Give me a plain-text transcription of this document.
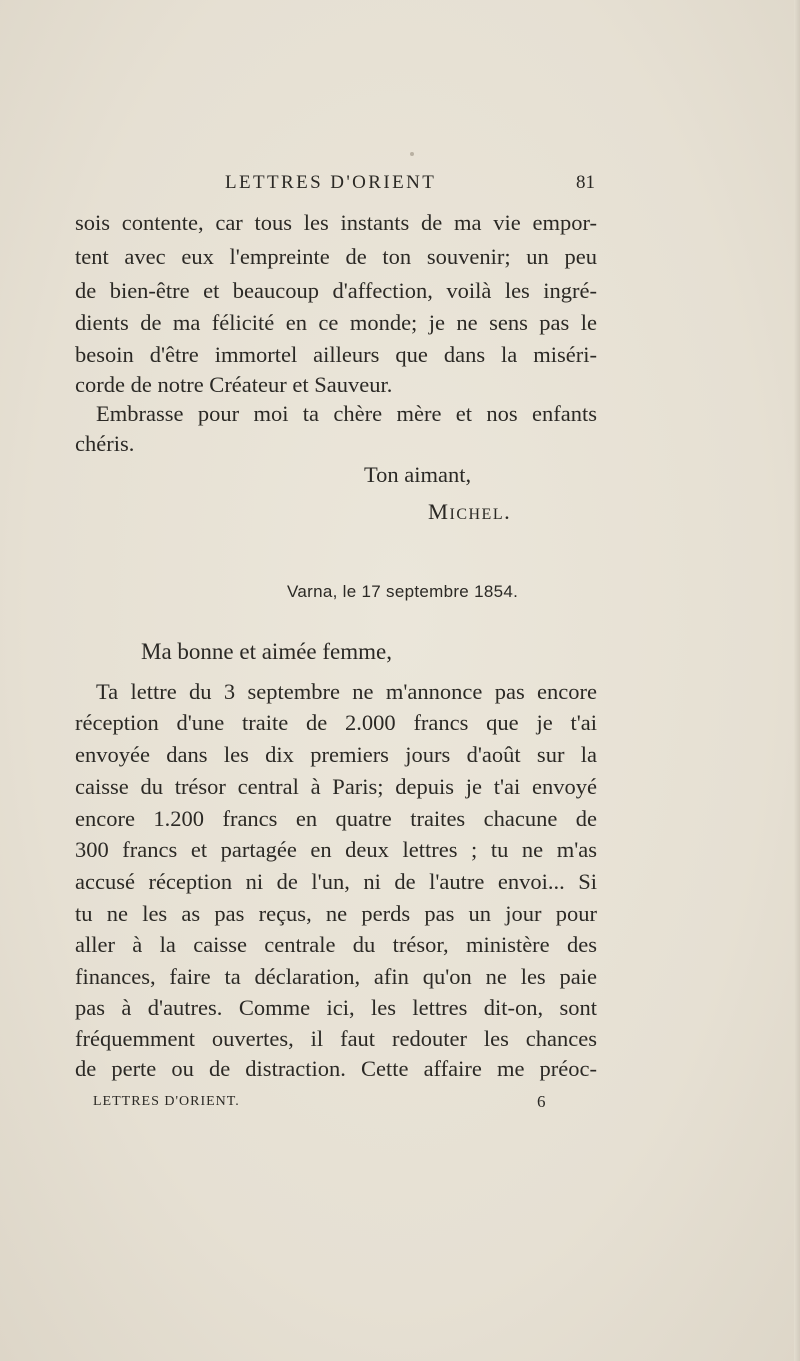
LETTRES D'ORIENT	81
sois contente, car tous les instants de ma vie empor-
tent avec eux l'empreinte de ton souvenir; un peu
de bien-être et beaucoup d'affection, voilà les ingré-
dients de ma félicité en ce monde; je ne sens pas le
besoin d'être immortel ailleurs que dans la miséri-
corde de notre Créateur et Sauveur.
Embrasse pour moi ta chère mère et nos enfants
chéris.
Ton aimant,
Michel.
Varna, le 17 septembre 1854.
Ma bonne et aimée femme,
Ta lettre du 3 septembre ne m'annonce pas encore
réception d'une traite de 2.000 francs que je t'ai
envoyée dans les dix premiers jours d'août sur la
caisse du trésor central à Paris; depuis je t'ai envoyé
encore 1.200 francs en quatre traites chacune de
300 francs et partagée en deux lettres ; tu ne m'as
accusé réception ni de l'un, ni de l'autre envoi... Si
tu ne les as pas reçus, ne perds pas un jour pour
aller à la caisse centrale du trésor, ministère des
finances, faire ta déclaration, afin qu'on ne les paie
pas à d'autres. Comme ici, les lettres dit-on, sont
fréquemment ouvertes, il faut redouter les chances
de perte ou de distraction. Cette affaire me préoc-
LETTRES D'ORIENT.	6
